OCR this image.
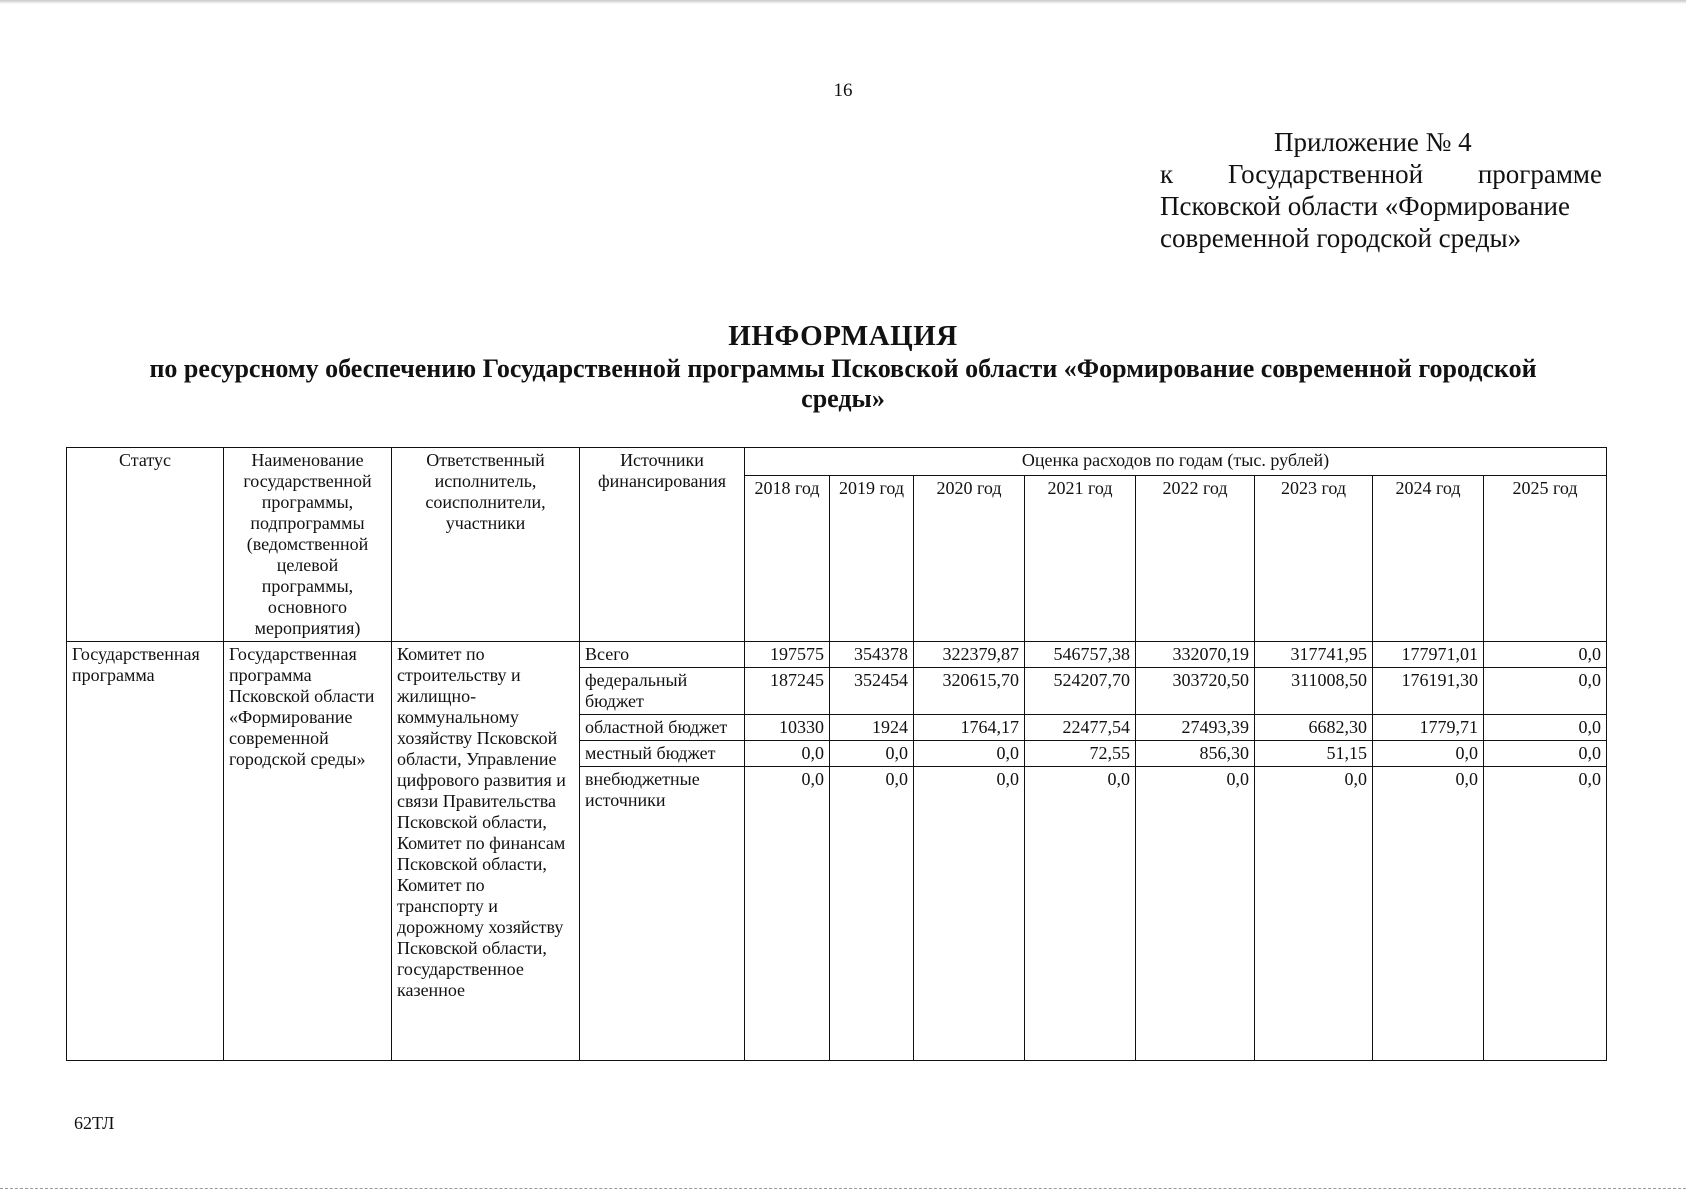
16
Приложение № 4
к Государственной программе
Псковской области «Формирование
современной городской среды»
ИНФОРМАЦИЯ
по ресурсному обеспечению Государственной программы Псковской области «Формирование современной городской среды»
Статус	Наименование государственной программы, подпрограммы (ведомственной целевой программы, основного мероприятия)	Ответственный исполнитель, соисполнители, участники	Источники финансирования	Оценка расходов по годам (тыс. рублей)							
				2018 год	2019 год	2020 год	2021 год	2022 год	2023 год	2024 год	2025 год
Государственная программа	Государственная программа Псковской области «Формирование современной городской среды»	Комитет по строительству и жилищно-коммунальному хозяйству Псковской области, Управление цифрового развития и связи Правительства Псковской области, Комитет по финансам Псковской области, Комитет по транспорту и дорожному хозяйству Псковской области, государственное казенное	Всего	197575	354378	322379,87	546757,38	332070,19	317741,95	177971,01	0,0
			федеральный бюджет	187245	352454	320615,70	524207,70	303720,50	311008,50	176191,30	0,0
			областной бюджет	10330	1924	1764,17	22477,54	27493,39	6682,30	1779,71	0,0
			местный бюджет	0,0	0,0	0,0	72,55	856,30	51,15	0,0	0,0
			внебюджетные источники	0,0	0,0	0,0	0,0	0,0	0,0	0,0	0,0
62ТЛ
